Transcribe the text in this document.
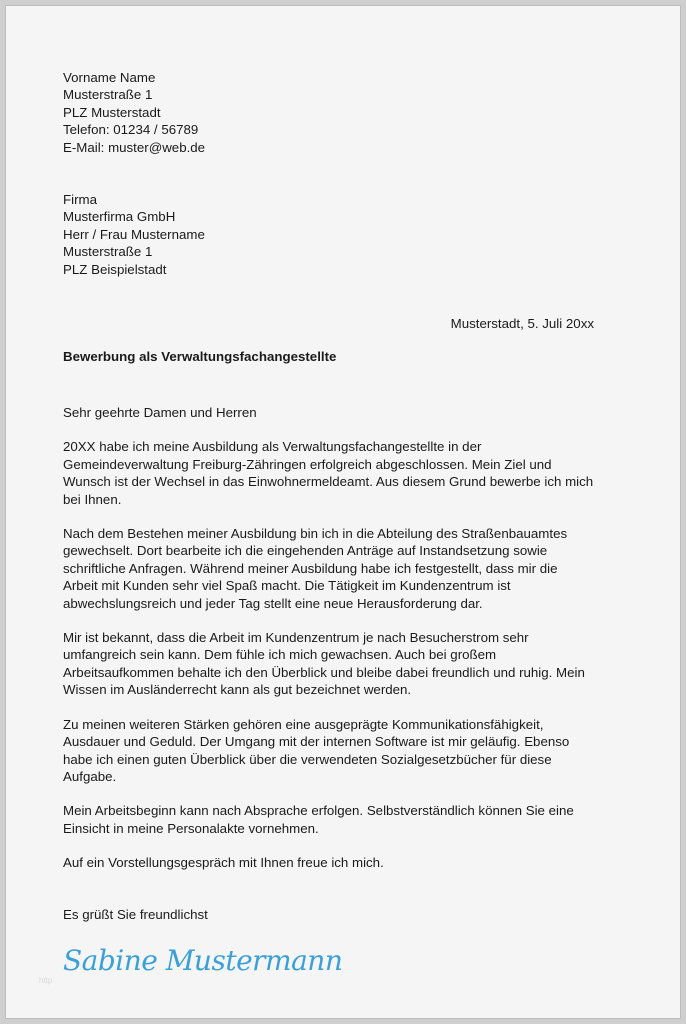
Vorname Name
Musterstraße 1
PLZ Musterstadt
Telefon: 01234 / 56789
E-Mail: muster@web.de
Firma
Musterfirma GmbH
Herr / Frau Mustername
Musterstraße 1
PLZ Beispielstadt
Musterstadt, 5. Juli 20xx
Bewerbung als Verwaltungsfachangestellte

Sehr geehrte Damen und Herren

20XX habe ich meine Ausbildung als Verwaltungsfachangestellte in der
Gemeindeverwaltung Freiburg-Zähringen erfolgreich abgeschlossen. Mein Ziel und
Wunsch ist der Wechsel in das Einwohnermeldeamt. Aus diesem Grund bewerbe ich mich
bei Ihnen.

Nach dem Bestehen meiner Ausbildung bin ich in die Abteilung des Straßenbauamtes
gewechselt. Dort bearbeite ich die eingehenden Anträge auf Instandsetzung sowie
schriftliche Anfragen. Während meiner Ausbildung habe ich festgestellt, dass mir die
Arbeit mit Kunden sehr viel Spaß macht. Die Tätigkeit im Kundenzentrum ist
abwechslungsreich und jeder Tag stellt eine neue Herausforderung dar.

Mir ist bekannt, dass die Arbeit im Kundenzentrum je nach Besucherstrom sehr
umfangreich sein kann. Dem fühle ich mich gewachsen. Auch bei großem
Arbeitsaufkommen behalte ich den Überblick und bleibe dabei freundlich und ruhig. Mein
Wissen im Ausländerrecht kann als gut bezeichnet werden.

Zu meinen weiteren Stärken gehören eine ausgeprägte Kommunikationsfähigkeit,
Ausdauer und Geduld. Der Umgang mit der internen Software ist mir geläufig. Ebenso
habe ich einen guten Überblick über die verwendeten Sozialgesetzbücher für diese
Aufgabe.

Mein Arbeitsbeginn kann nach Absprache erfolgen. Selbstverständlich können Sie eine
Einsicht in meine Personalakte vornehmen.

Auf ein Vorstellungsgespräch mit Ihnen freue ich mich.

Es grüßt Sie freundlichst
Sabine Mustermann
http
